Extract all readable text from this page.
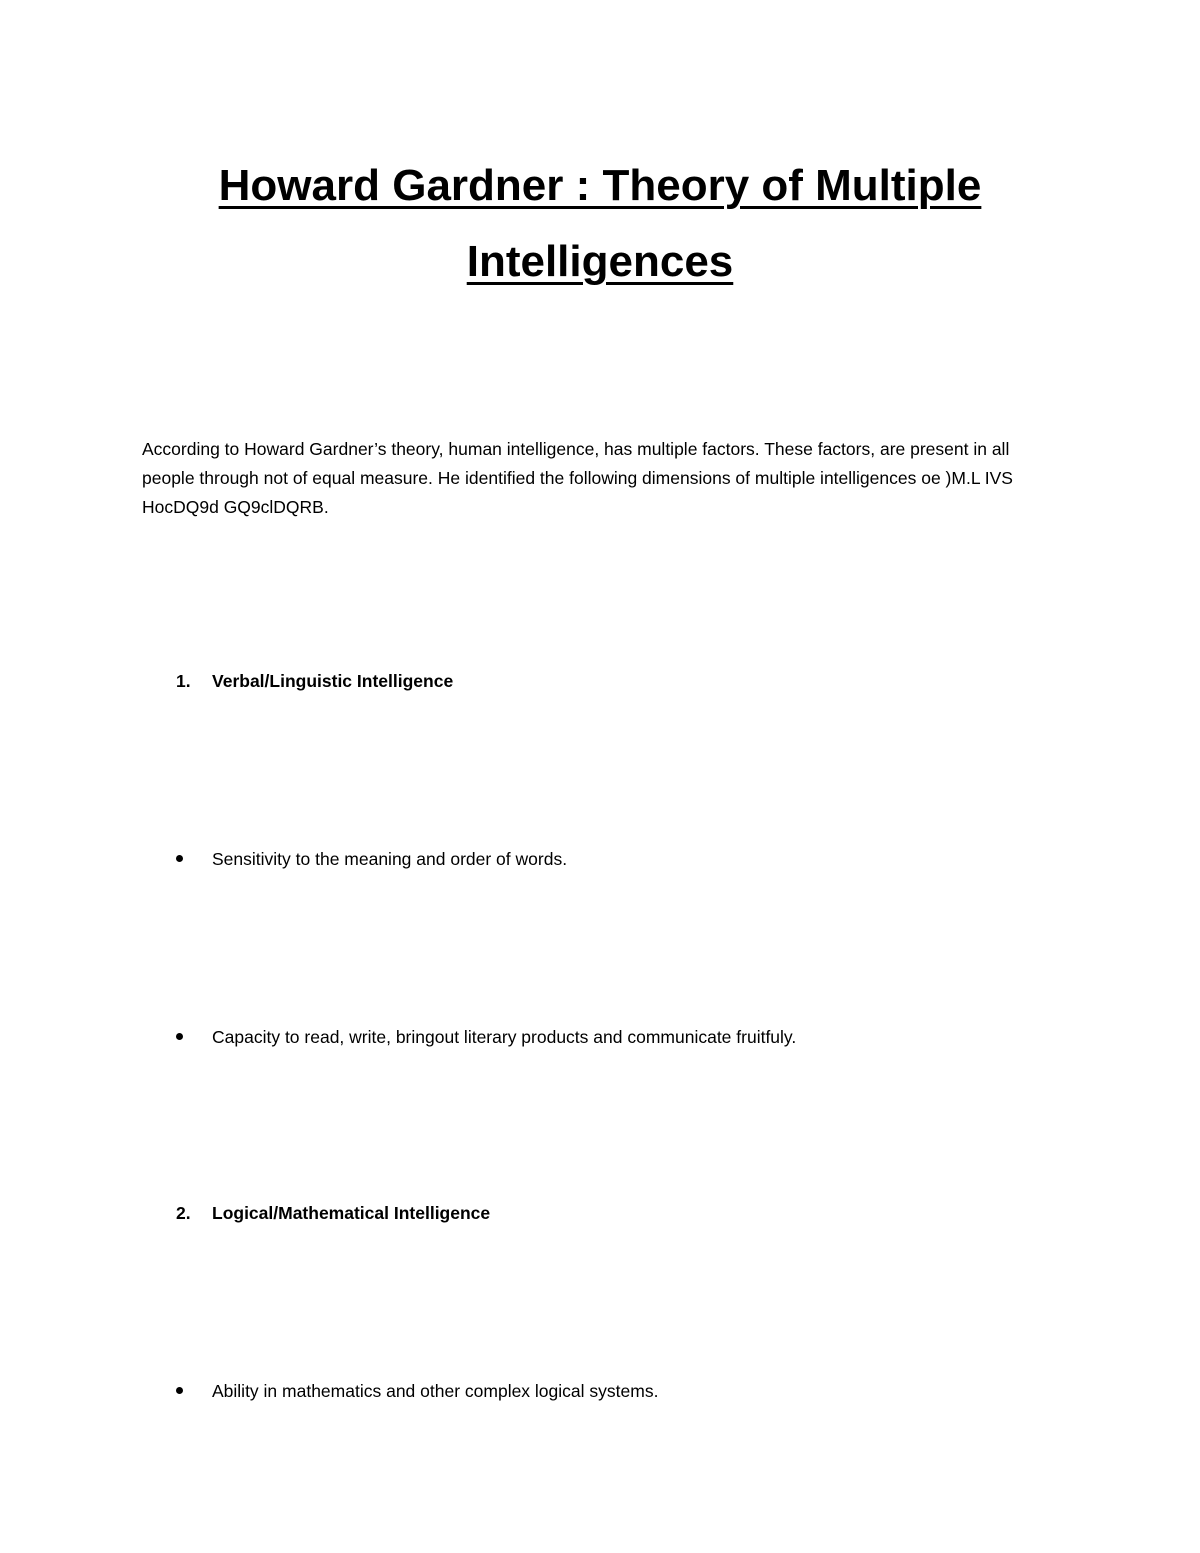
Howard Gardner : Theory of Multiple Intelligences

According to Howard Gardner’s theory, human intelligence, has multiple factors. These factors, are present in all people through not of equal measure. He identified the following dimensions of multiple intelligences oe )M.L IVS HocDQ9d GQ9clDQRB.

1. Verbal/Linguistic Intelligence
Sensitivity to the meaning and order of words.
Capacity to read, write, bringout literary products and communicate fruitfuly.
2. Logical/Mathematical Intelligence
Ability in mathematics and other complex logical systems.
